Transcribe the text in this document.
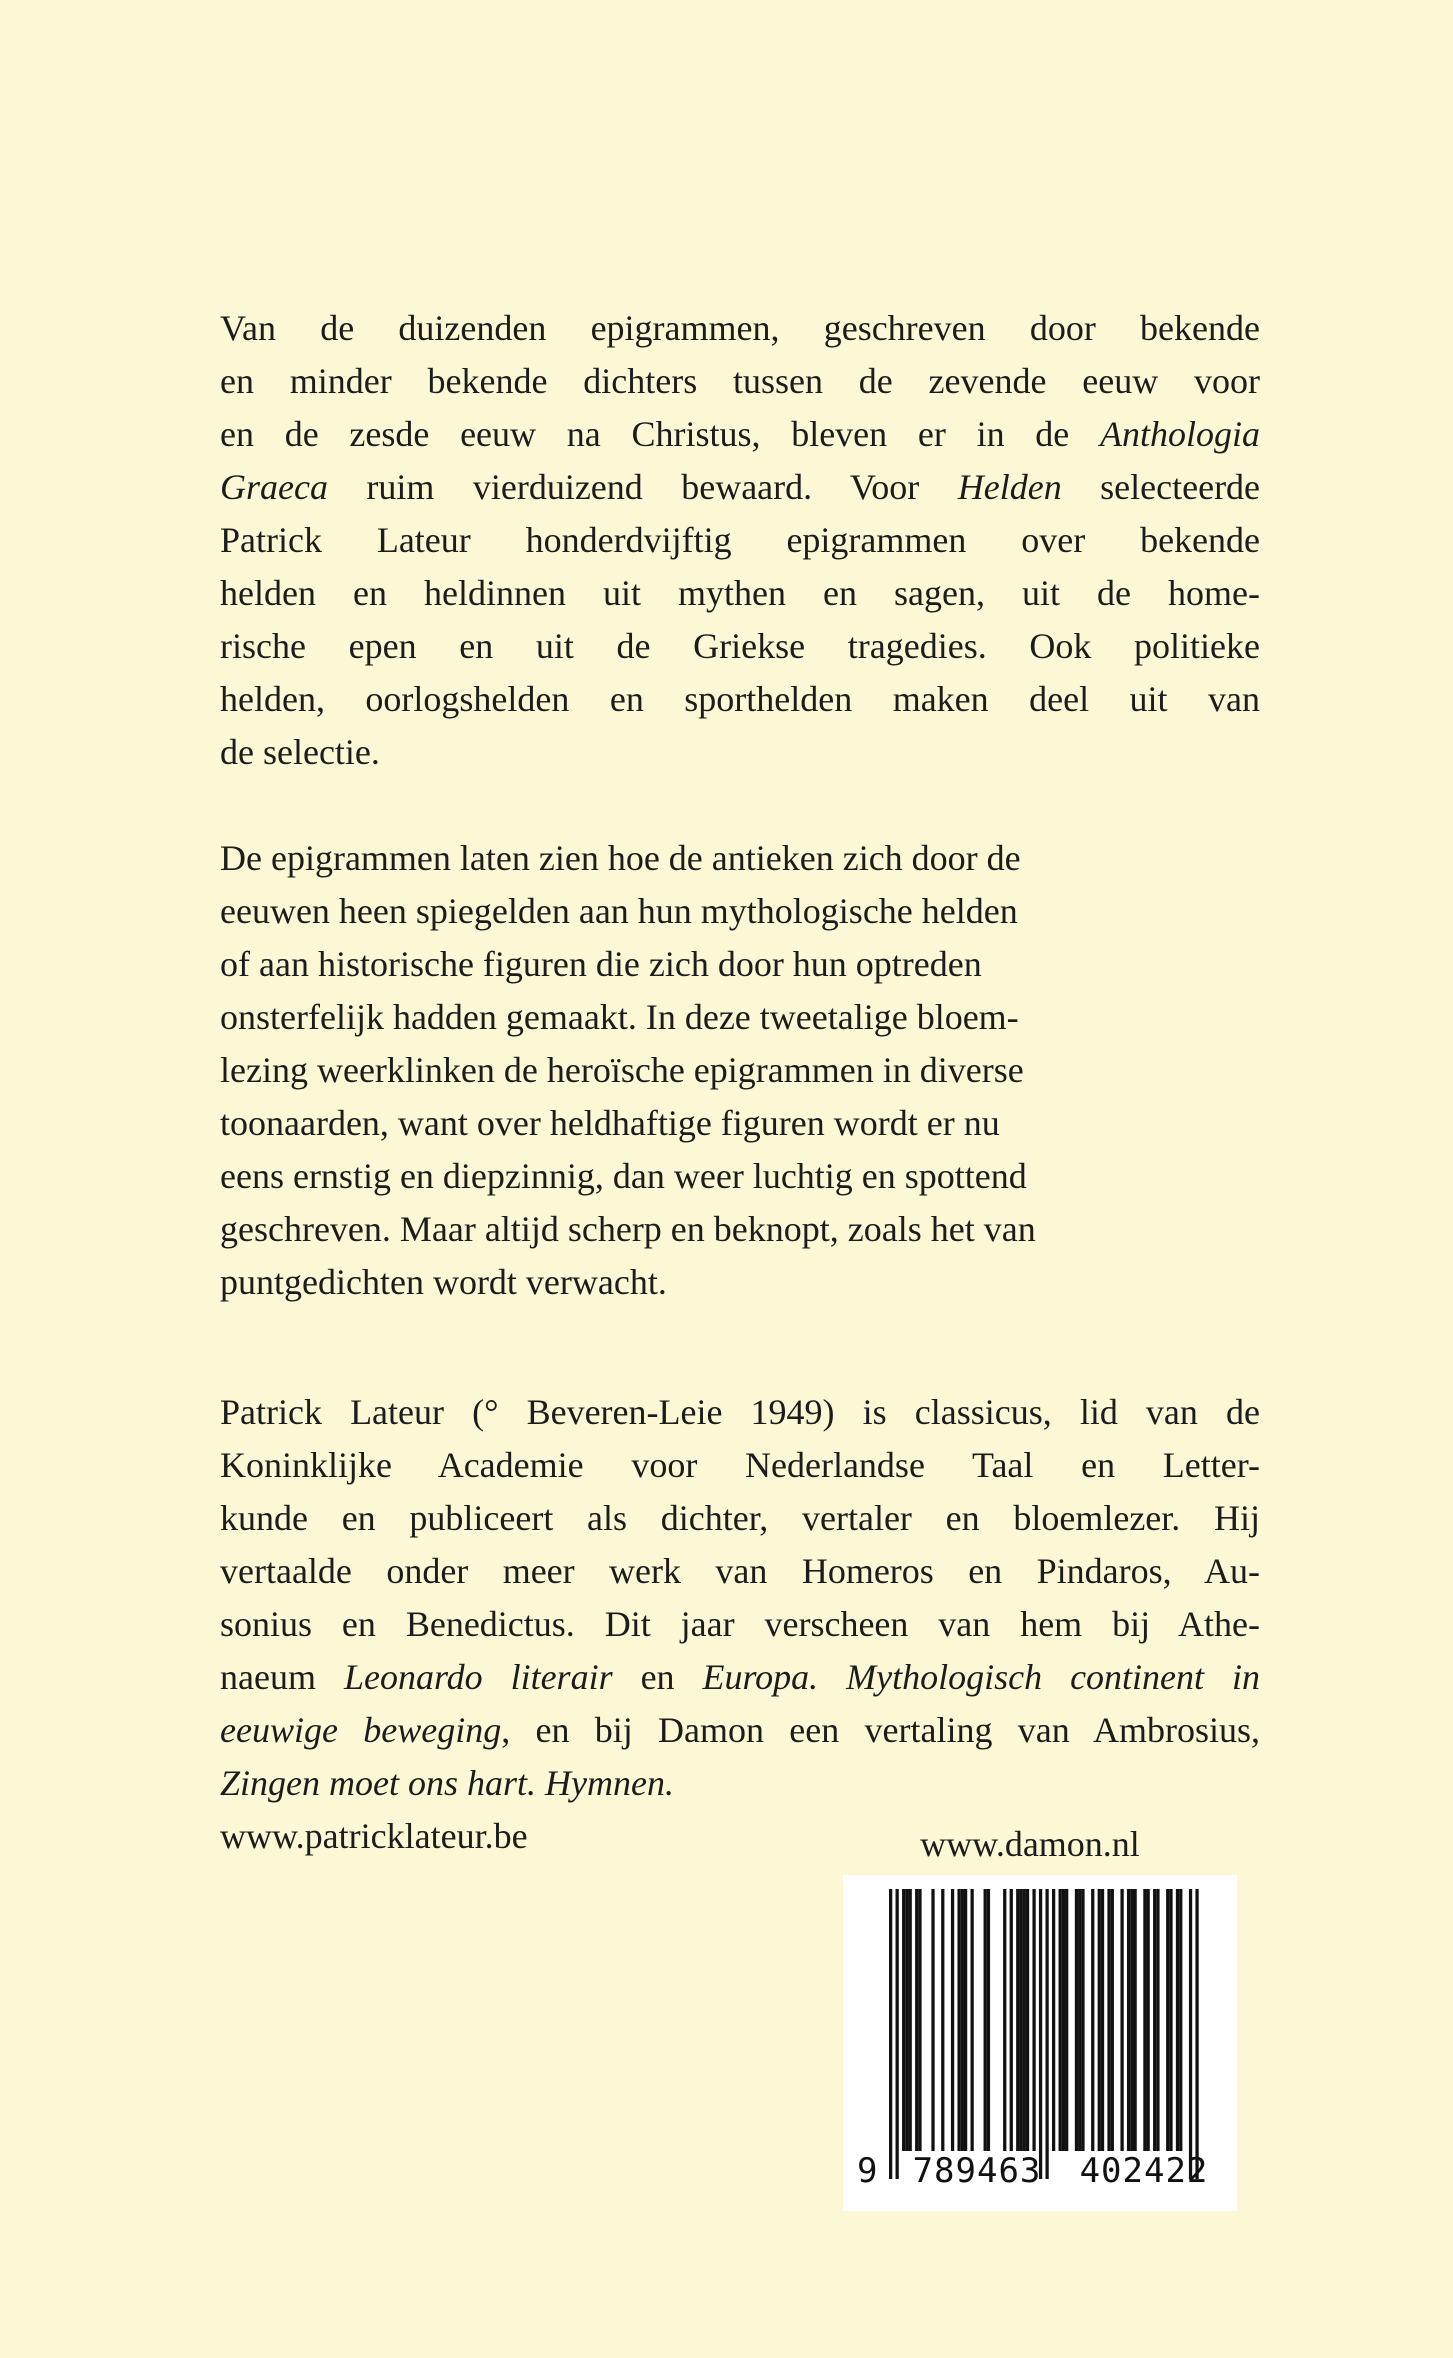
Van de duizenden epigrammen, geschreven door bekende
en minder bekende dichters tussen de zevende eeuw voor
en de zesde eeuw na Christus, bleven er in de Anthologia
Graeca ruim vierduizend bewaard. Voor Helden selecteerde
Patrick Lateur honderdvijftig epigrammen over bekende
helden en heldinnen uit mythen en sagen, uit de home-
rische epen en uit de Griekse tragedies. Ook politieke
helden, oorlogshelden en sporthelden maken deel uit van
de selectie.
De epigrammen laten zien hoe de antieken zich door de
eeuwen heen spiegelden aan hun mythologische helden
of aan historische figuren die zich door hun optreden
onsterfelijk hadden gemaakt. In deze tweetalige bloem-
lezing weerklinken de heroïsche epigrammen in diverse
toonaarden, want over heldhaftige figuren wordt er nu
eens ernstig en diepzinnig, dan weer luchtig en spottend
geschreven. Maar altijd scherp en beknopt, zoals het van
puntgedichten wordt verwacht.
Patrick Lateur (° Beveren-Leie 1949) is classicus, lid van de
Koninklijke Academie voor Nederlandse Taal en Letter-
kunde en publiceert als dichter, vertaler en bloemlezer. Hij
vertaalde onder meer werk van Homeros en Pindaros, Au-
sonius en Benedictus. Dit jaar verscheen van hem bij Athe-
naeum Leonardo literair en Europa. Mythologisch continent in
eeuwige beweging, en bij Damon een vertaling van Ambrosius,
Zingen moet ons hart. Hymnen.
www.patricklateur.be	www.damon.nl
9	789463	402422
